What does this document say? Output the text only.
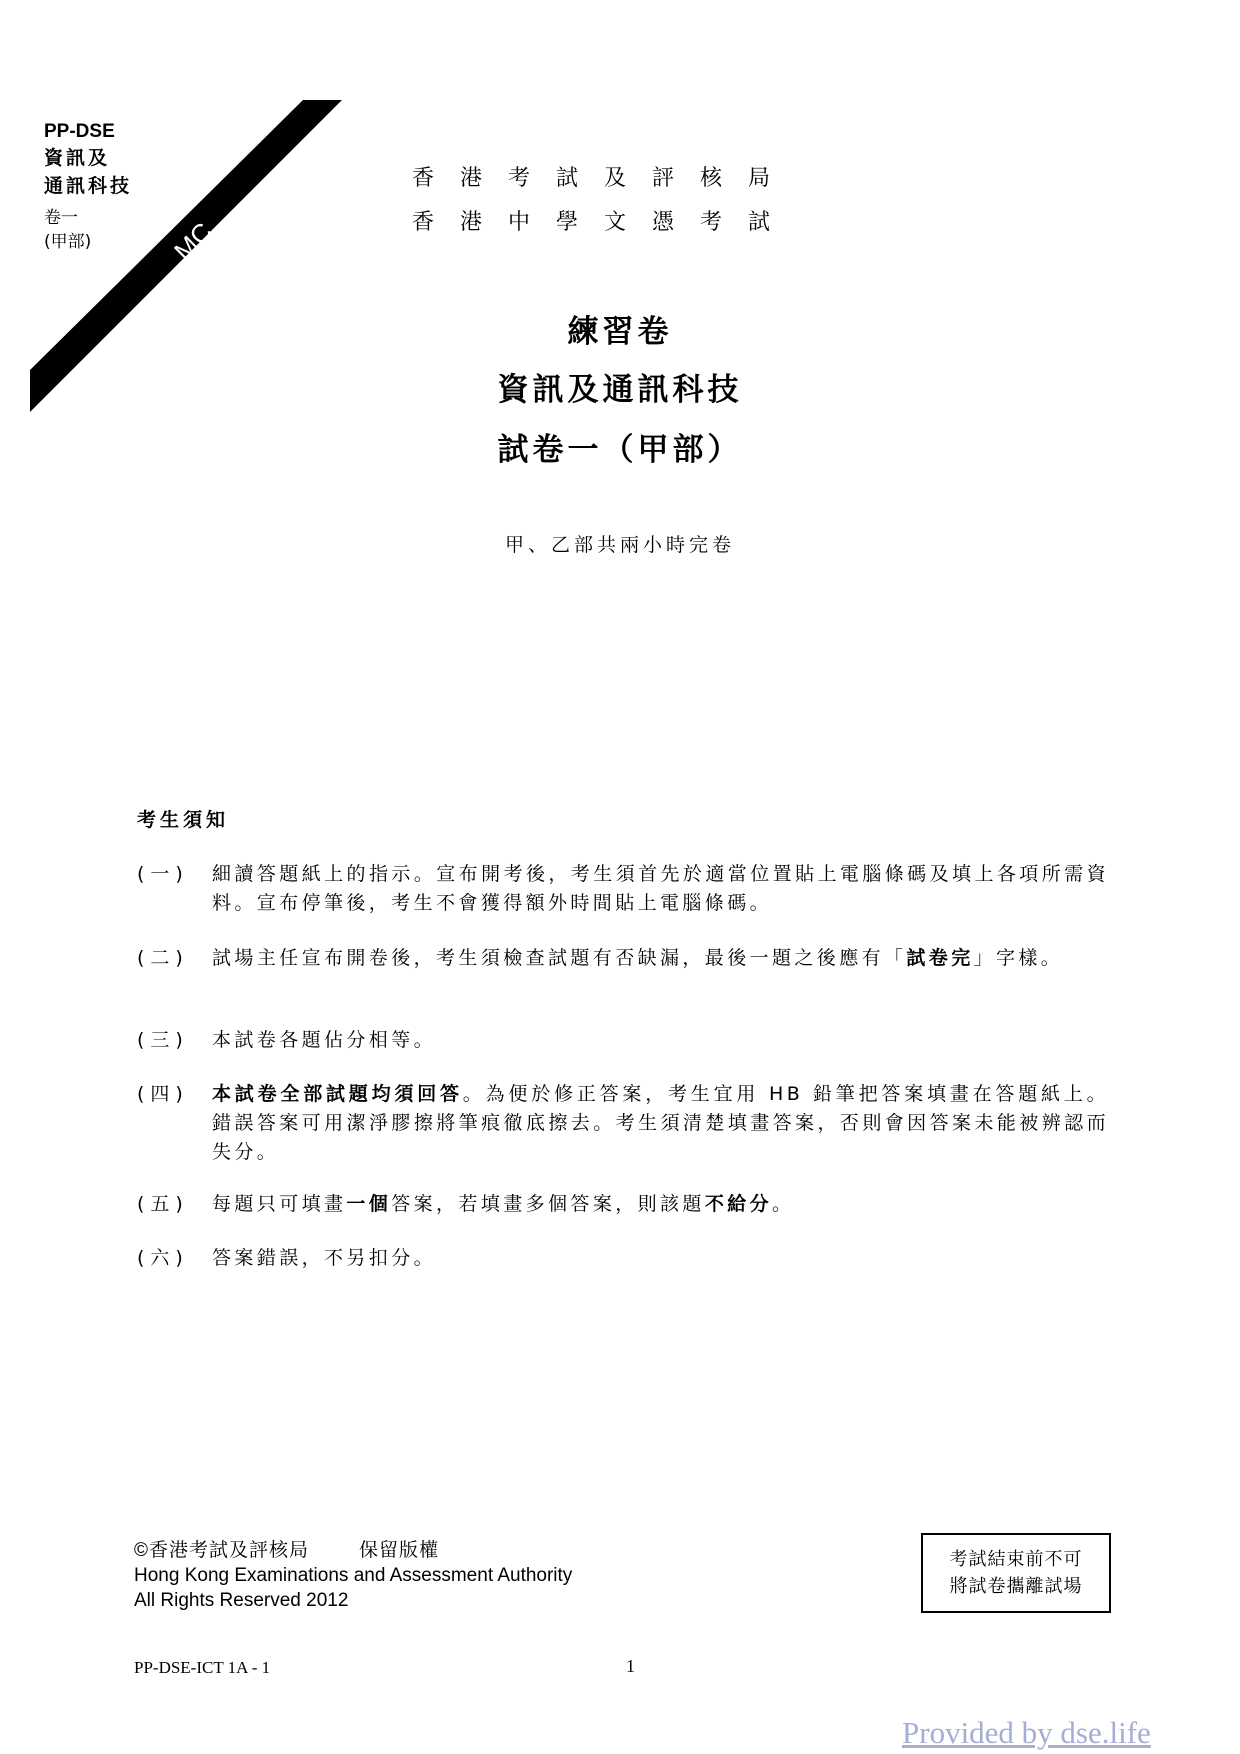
MC
PP-DSE
資訊及
通訊科技
卷一
(甲部)
香港考試及評核局
香港中學文憑考試
練習卷
資訊及通訊科技
試卷一（甲部）
甲、乙部共兩小時完卷
考生須知
(一)	細讀答題紙上的指示。宣布開考後，考生須首先於適當位置貼上電腦條碼及填上各項所需資料。宣布停筆後，考生不會獲得額外時間貼上電腦條碼。
(二)	試場主任宣布開卷後，考生須檢查試題有否缺漏，最後一題之後應有「試卷完」字樣。
(三)	本試卷各題佔分相等。
(四)	本試卷全部試題均須回答。為便於修正答案，考生宜用 HB 鉛筆把答案填畫在答題紙上。錯誤答案可用潔淨膠擦將筆痕徹底擦去。考生須清楚填畫答案，否則會因答案未能被辨認而失分。
(五)	每題只可填畫一個答案，若填畫多個答案，則該題不給分。
(六)	答案錯誤，不另扣分。
©香港考試及評核局	保留版權
Hong Kong Examinations and Assessment Authority
All Rights Reserved 2012
考試結束前不可
將試卷攜離試場
PP-DSE-ICT 1A - 1	1
Provided by dse.life
